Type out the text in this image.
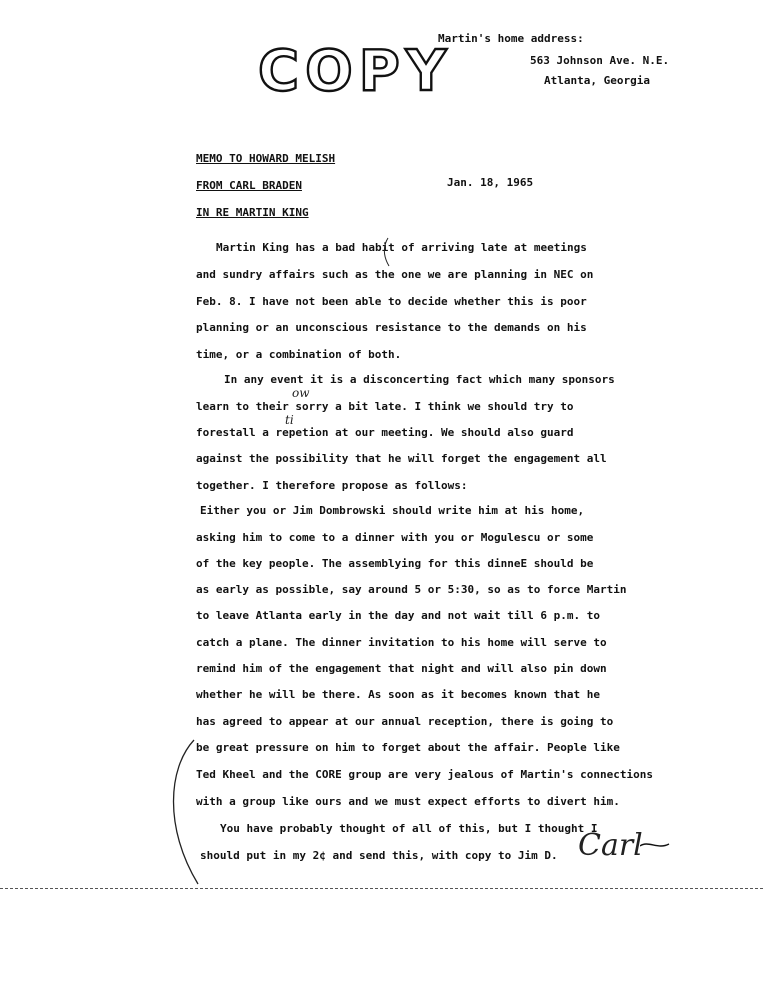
COPY
Martin's home address:
563 Johnson Ave. N.E.
Atlanta, Georgia
MEMO TO HOWARD MELISH
FROM CARL BRADEN
IN RE MARTIN KING
Jan. 18, 1965
Martin King has a bad habit of arriving late at meetings
and sundry affairs such as the one we are planning in NEC on
Feb. 8. I have not been able to decide whether this is poor
planning or an unconscious resistance to the demands on his
time, or a combination of both.
In any event it is a disconcerting fact which many sponsors
learn to their sorry a bit late. I think we should try to
forestall a repetion at our meeting. We should also guard
against the possibility that he will forget the engagement all
together. I therefore propose as follows:
Either you or Jim Dombrowski should write him at his home,
asking him to come to a dinner with you or Mogulescu or some
of the key people. The assemblying for this dinneE should be
as early as possible, say around 5 or 5:30, so as to force Martin
to leave Atlanta early in the day and not wait till 6 p.m. to
catch a plane. The dinner invitation to his home will serve to
remind him of the engagement that night and will also pin down
whether he will be there. As soon as it becomes known that he
has agreed to appear at our annual reception, there is going to
be great pressure on him to forget about the affair. People like
Ted Kheel and the CORE group are very jealous of Martin's connections
with a group like ours and we must expect efforts to divert him.
You have probably thought of all of this, but I thought I
should put in my 2¢ and send this, with copy to Jim D.
ow
ti
Carl
